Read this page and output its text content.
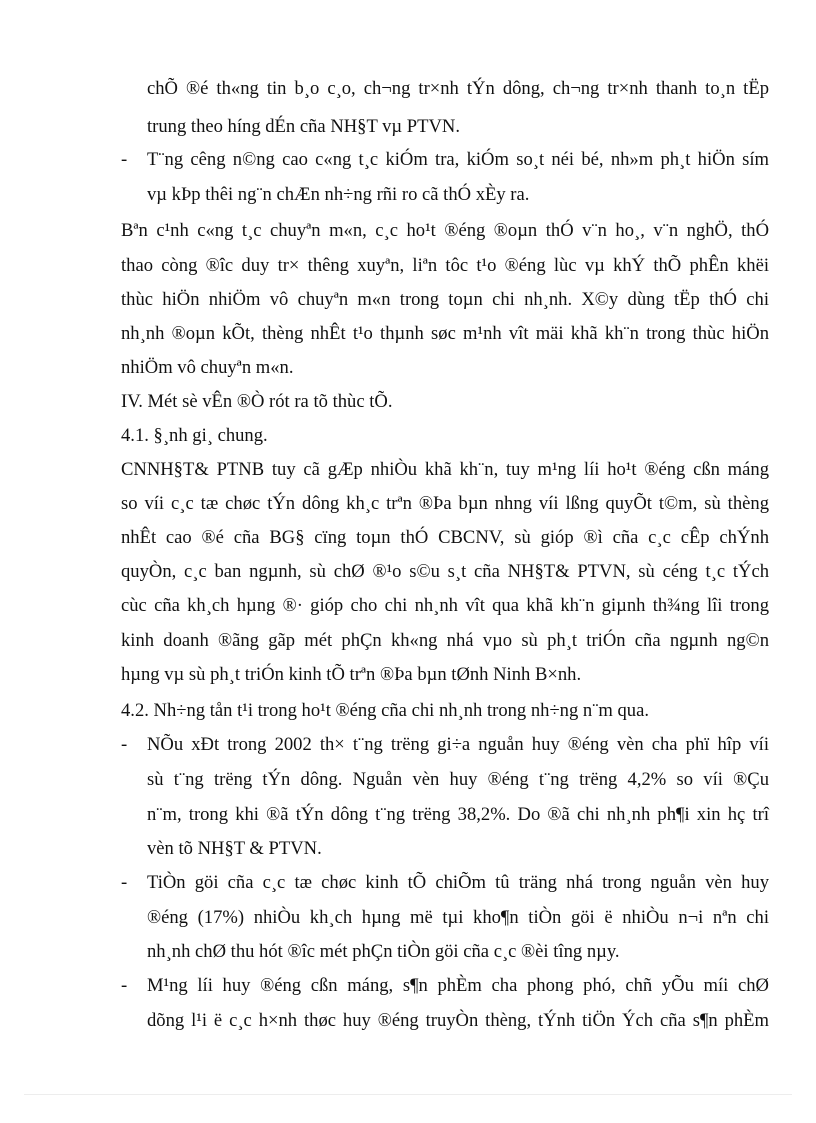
chÕ ®é th«ng tin b¸o c¸o, ch¬ng tr×nh tÝn dông, ch¬ng tr×nh thanh to¸n tËp
trung theo híng dÉn cña NH§T vµ PTVN.
- T¨ng cêng n©ng cao c«ng t¸c kiÓm tra, kiÓm so¸t néi bé, nh»m ph¸t hiÖn sím
vµ kÞp thêi ng¨n chÆn nh÷ng rñi ro cã thÓ xÈy ra.
Bªn c¹nh c«ng t¸c chuyªn m«n, c¸c ho¹t ®éng ®oµn thÓ v¨n ho¸, v¨n nghÖ, thÓ
thao còng ®îc duy tr× thêng xuyªn, liªn tôc t¹o ®éng lùc vµ khÝ thÕ phÊn khëi
thùc hiÖn nhiÖm vô chuyªn m«n trong toµn chi nh¸nh. X©y dùng tËp thÓ chi
nh¸nh ®oµn kÕt, thèng nhÊt t¹o thµnh søc m¹nh vît mäi khã kh¨n trong thùc hiÖn
nhiÖm vô chuyªn m«n.
IV. Mét sè vÊn ®Ò rót ra tõ thùc tÕ.
4.1. §¸nh gi¸ chung.
CNNH§T& PTNB tuy cã gÆp nhiÒu khã kh¨n, tuy m¹ng líi ho¹t ®éng cßn máng
so víi c¸c tæ chøc tÝn dông kh¸c trªn ®Þa bµn nhng víi lßng quyÕt t©m, sù thèng
nhÊt cao ®é cña BG§ cïng toµn thÓ CBCNV, sù gióp ®ì cña c¸c cÊp chÝnh
quyÒn, c¸c ban ngµnh, sù chØ ®¹o s©u s¸t cña NH§T& PTVN, sù céng t¸c tÝch
cùc cña kh¸ch hµng ®· gióp cho chi nh¸nh vît qua khã kh¨n giµnh th¾ng lîi trong
kinh doanh ®ãng gãp mét phÇn kh«ng nhá vµo sù ph¸t triÓn cña ngµnh ng©n
hµng vµ sù ph¸t triÓn kinh tÕ trªn ®Þa bµn tØnh Ninh B×nh.
4.2. Nh÷ng tån t¹i trong ho¹t ®éng cña chi nh¸nh trong nh÷ng n¨m qua.
- NÕu xÐt trong 2002 th× t¨ng trëng gi÷a nguån huy ®éng vèn cha phï hîp víi
sù t¨ng trëng tÝn dông. Nguån vèn huy ®éng t¨ng trëng 4,2% so víi ®Çu
n¨m, trong khi ®ã tÝn dông t¨ng trëng 38,2%. Do ®ã chi nh¸nh ph¶i xin hç trî
vèn tõ NH§T & PTVN.
- TiÒn göi cña c¸c tæ chøc kinh tÕ chiÕm tû träng nhá trong nguån vèn huy
®éng (17%) nhiÒu kh¸ch hµng më tµi kho¶n tiÒn göi ë nhiÒu n¬i nªn chi
nh¸nh chØ thu hót ®îc mét phÇn tiÒn göi cña c¸c ®èi tîng nµy.
- M¹ng líi huy ®éng cßn máng, s¶n phÈm cha phong phó, chñ yÕu míi chØ
dõng l¹i ë c¸c h×nh thøc huy ®éng truyÒn thèng, tÝnh tiÖn Ých cña s¶n phÈm
